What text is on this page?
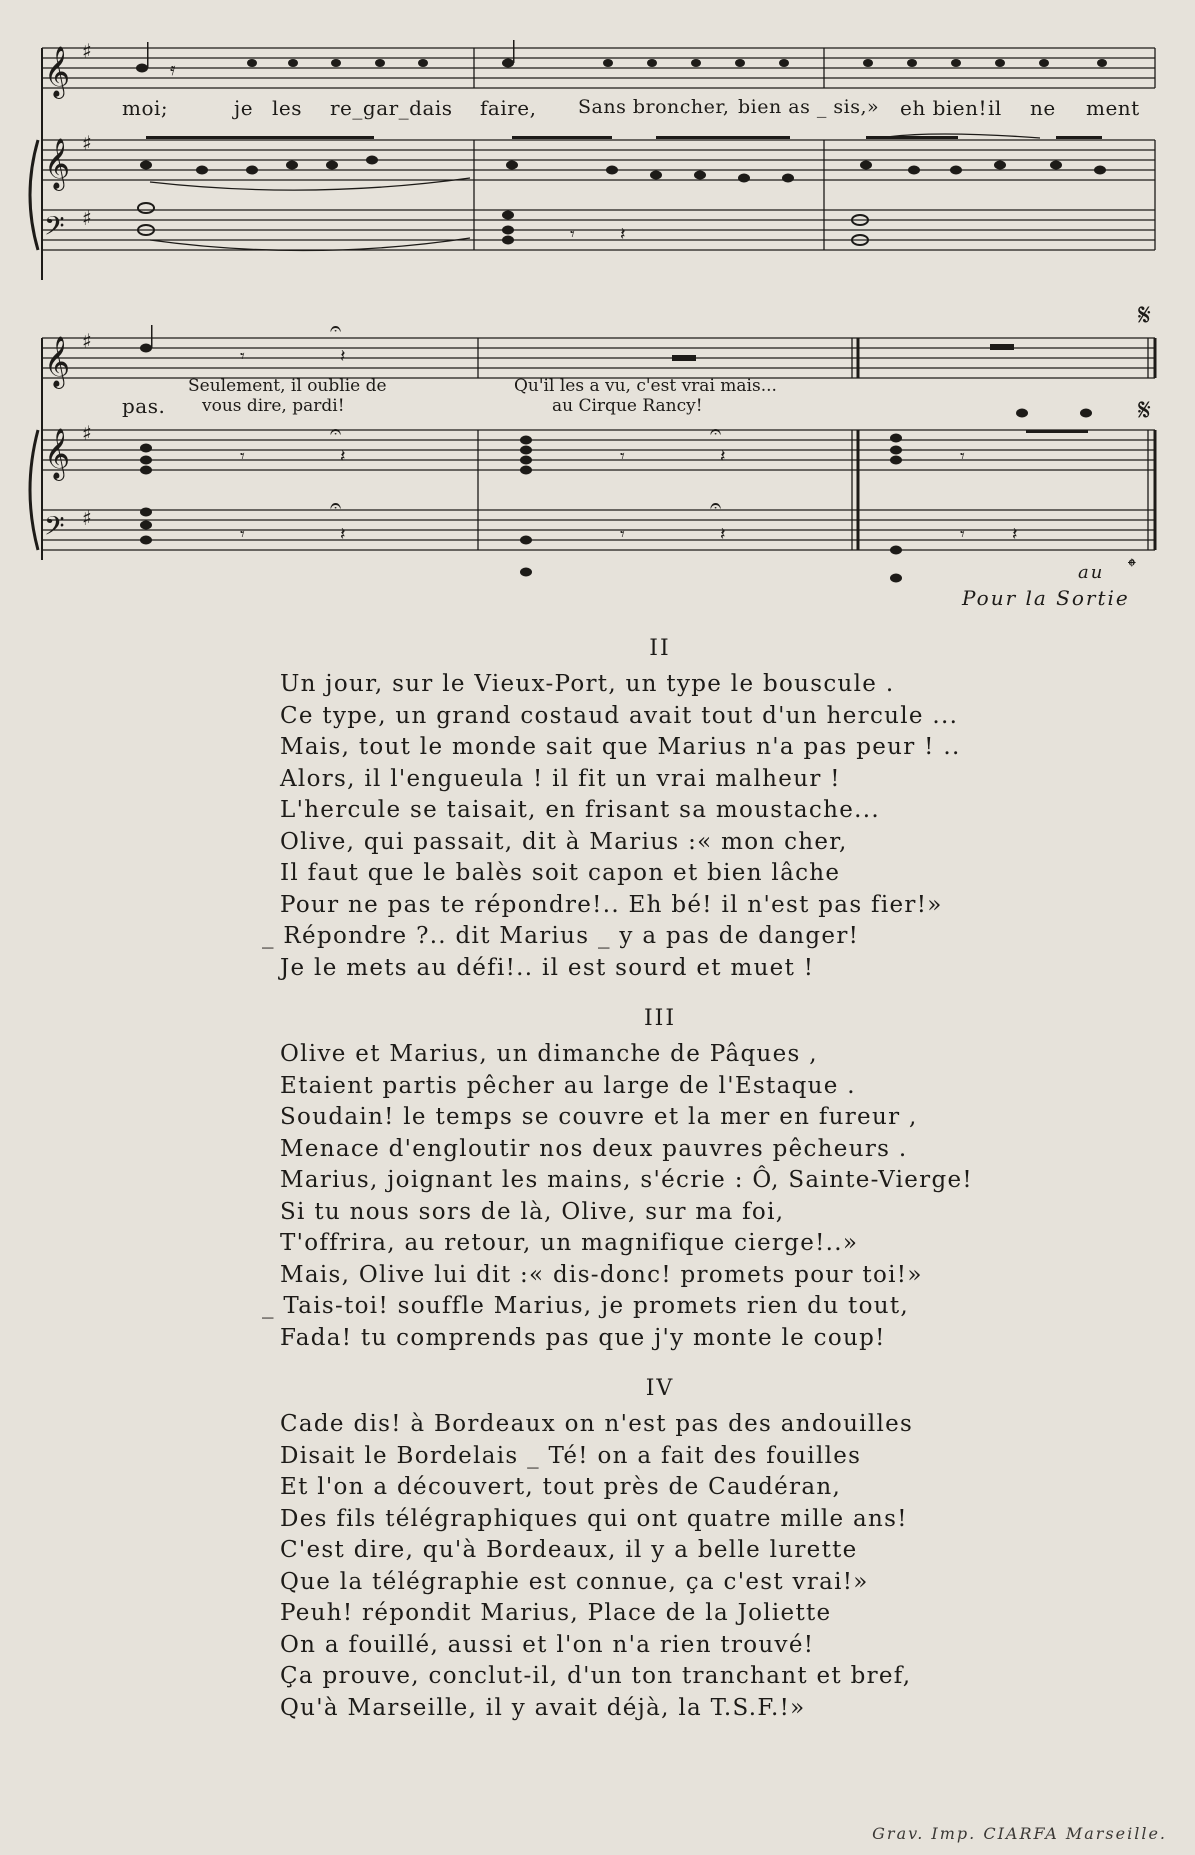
𝄞
𝄞
𝄢
𝄞
𝄞
𝄢
♯
♯
♯
♯
♯
♯
𝄿
𝄾	𝄽
𝄾	𝄽
𝄐	𝄋
𝄾	𝄽
𝄐
𝄾	𝄽
𝄐
𝄾
𝄋
𝄾	𝄽
𝄐
𝄾	𝄽
𝄐
𝄾	𝄽
𝄌
moi;	je les re_gar_dais faire, Sans broncher, bien as _ sis,» eh bien! il ne ment
pas.
Seulement, il oublie de
vous dire, pardi!
Qu'il les a vu, c'est vrai mais...
au Cirque Rancy!
au
Pour la Sortie
II
Un jour, sur le Vieux-Port, un type le bouscule .
Ce type, un grand costaud avait tout d'un hercule ...
Mais, tout le monde sait que Marius n'a pas peur ! ..
Alors, il l'engueula ! il fit un vrai malheur !
L'hercule se taisait, en frisant sa moustache...
Olive, qui passait, dit à Marius :« mon cher,
Il faut que le balès soit capon et bien lâche
Pour ne pas te répondre!.. Eh bé! il n'est pas fier!»
_ Répondre ?.. dit Marius _ y a pas de danger!
Je le mets au défi!.. il est sourd et muet !
III
Olive et Marius, un dimanche de Pâques ,
Etaient partis pêcher au large de l'Estaque .
Soudain! le temps se couvre et la mer en fureur ,
Menace d'engloutir nos deux pauvres pêcheurs .
Marius, joignant les mains, s'écrie : Ô, Sainte-Vierge!
Si tu nous sors de là, Olive, sur ma foi,
T'offrira, au retour, un magnifique cierge!..»
Mais, Olive lui dit :« dis-donc! promets pour toi!»
_ Tais-toi! souffle Marius, je promets rien du tout,
Fada! tu comprends pas que j'y monte le coup!
IV
Cade dis! à Bordeaux on n'est pas des andouilles
Disait le Bordelais _ Té! on a fait des fouilles
Et l'on a découvert, tout près de Caudéran,
Des fils télégraphiques qui ont quatre mille ans!
C'est dire, qu'à Bordeaux, il y a belle lurette
Que la télégraphie est connue, ça c'est vrai!»
Peuh! répondit Marius, Place de la Joliette
On a fouillé, aussi et l'on n'a rien trouvé!
Ça prouve, conclut-il, d'un ton tranchant et bref,
Qu'à Marseille, il y avait déjà, la T.S.F.!»
Grav. Imp. CIARFA Marseille.
